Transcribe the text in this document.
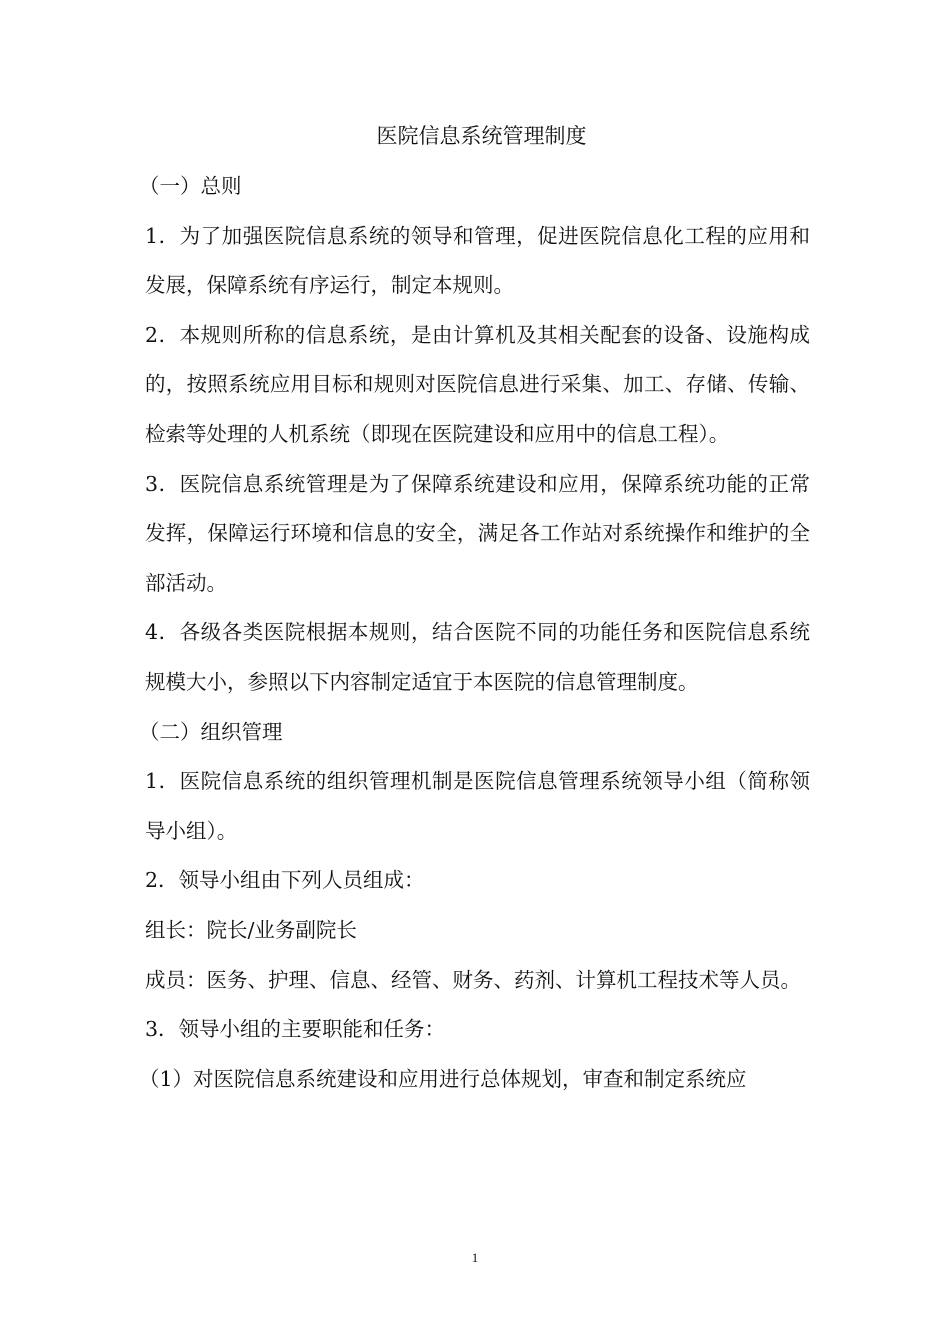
医院信息系统管理制度

（一）总则

1．为了加强医院信息系统的领导和管理，促进医院信息化工程的应用和发展，保障系统有序运行，制定本规则。

2．本规则所称的信息系统，是由计算机及其相关配套的设备、设施构成的，按照系统应用目标和规则对医院信息进行采集、加工、存储、传输、检索等处理的人机系统（即现在医院建设和应用中的信息工程）。

3．医院信息系统管理是为了保障系统建设和应用，保障系统功能的正常发挥，保障运行环境和信息的安全，满足各工作站对系统操作和维护的全部活动。

4．各级各类医院根据本规则，结合医院不同的功能任务和医院信息系统规模大小，参照以下内容制定适宜于本医院的信息管理制度。

（二）组织管理

1．医院信息系统的组织管理机制是医院信息管理系统领导小组（简称领导小组）。

2．领导小组由下列人员组成：

组长：院长/业务副院长

成员：医务、护理、信息、经管、财务、药剂、计算机工程技术等人员。

3．领导小组的主要职能和任务：

（1）对医院信息系统建设和应用进行总体规划，审查和制定系统应

1
